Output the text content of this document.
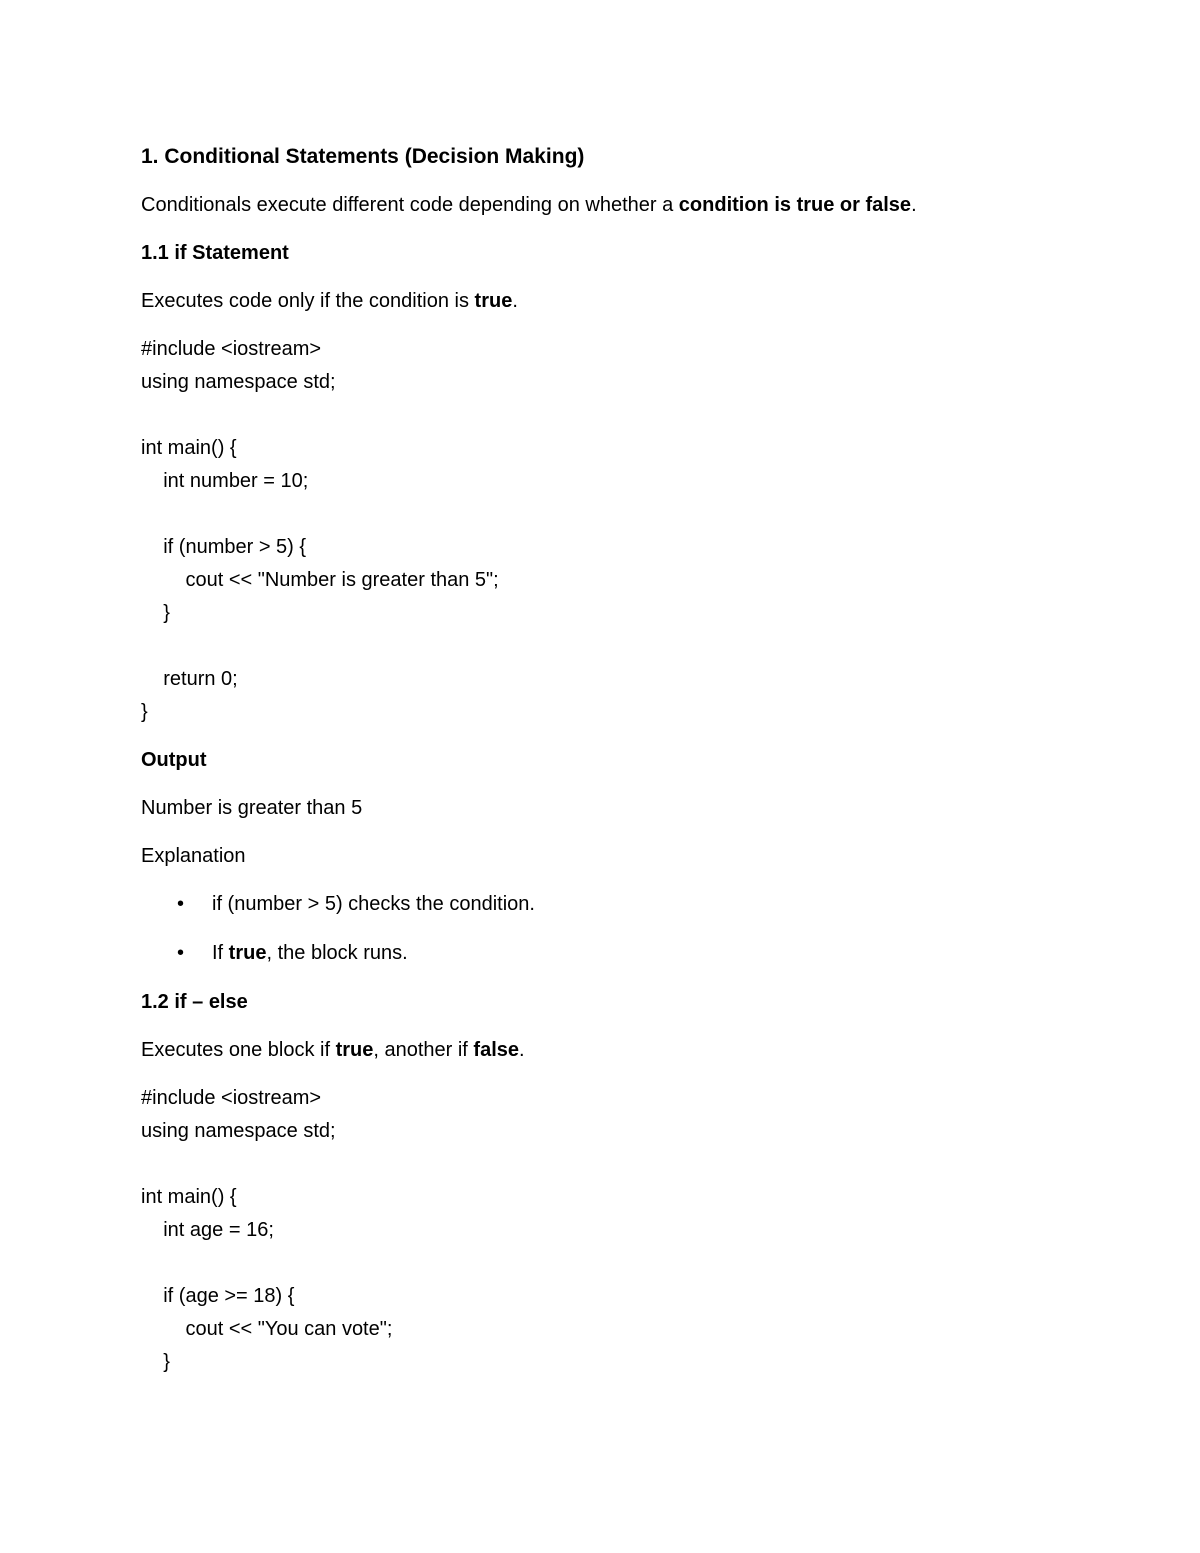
1. Conditional Statements (Decision Making)
Conditionals execute different code depending on whether a condition is true or false.
1.1 if Statement
Executes code only if the condition is true.
#include <iostream>
using namespace std;

int main() {
int number = 10;

if (number > 5) {
cout << "Number is greater than 5";
}

return 0;
}
Output
Number is greater than 5
Explanation
• if (number > 5) checks the condition.
• If true, the block runs.
1.2 if – else
Executes one block if true, another if false.
#include <iostream>
using namespace std;

int main() {
int age = 16;

if (age >= 18) {
cout << "You can vote";
}
